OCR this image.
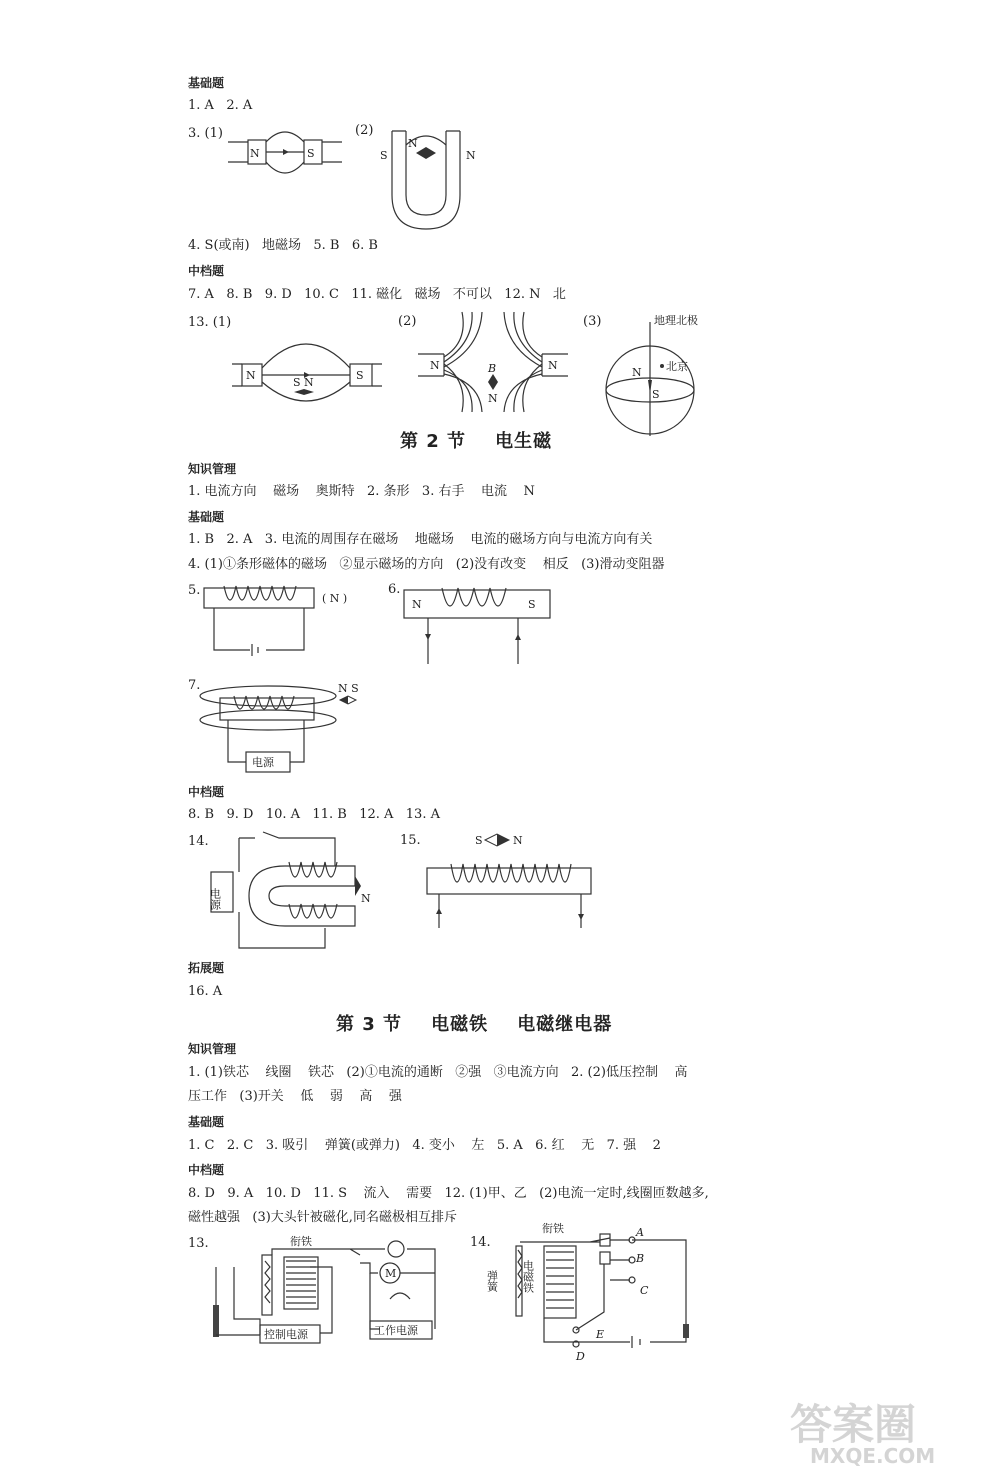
基础题
1. A   2. A
3. (1)	(2)
N	S	S
N
N
4. S(或南)   地磁场   5. B   6. B
中档题
7. A   8. B   9. D   10. C   11. 磁化   磁场   不可以   12. N   北
13. (1)	(2)	(3)
N	S
S N
N	N
B
N
地理北极
北京
N
S
第 2 节    电生磁
知识管理
1. 电流方向    磁场    奥斯特   2. 条形   3. 右手    电流    N
基础题
1. B   2. A   3. 电流的周围存在磁场    地磁场    电流的磁场方向与电流方向有关
4. (1)①条形磁体的磁场   ②显示磁场的方向   (2)没有改变    相反   (3)滑动变阻器
5.
( N )
6.
N	S
7.
电源
N S
中档题
8. B   9. D   10. A   11. B   12. A   13. A
14.
电源	N
15.	S	N
拓展题
16. A
第 3 节    电磁铁    电磁继电器
知识管理
1. (1)铁芯    线圈    铁芯   (2)①电流的通断   ②强   ③电流方向   2. (2)低压控制    高
压工作   (3)开关    低    弱    高    强
基础题
1. C   2. C   3. 吸引    弹簧(或弹力)   4. 变小    左   5. A   6. 红    无   7. 强    2
中档题
8. D   9. A   10. D   11. S    流入    需要   12. (1)甲、乙   (2)电流一定时,线圈匝数越多,
磁性越强   (3)大头针被磁化,同名磁极相互排斥
13.
控制电源
衔铁
M
工作电源
14.
衔铁
弹簧 电磁铁
A
B
C
D
E
答案圈
MXQE.COM
